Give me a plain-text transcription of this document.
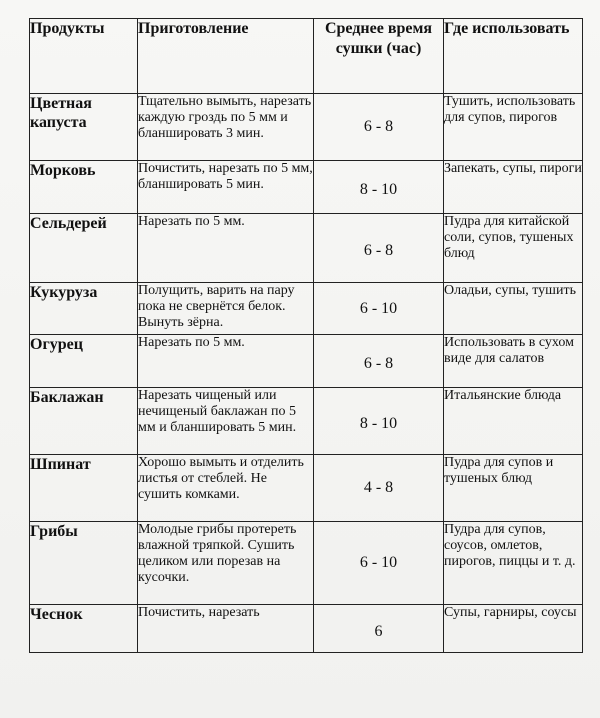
Продукты	Приготовление	Среднее время сушки (час)	Где использовать
Цветная капуста	Тщательно вымыть, нарезать каждую гроздь по 5 мм и бланшировать 3 мин.	6 - 8	Тушить, использовать для супов, пирогов
Морковь	Почистить, нарезать по 5 мм, бланшировать 5 мин.	8 - 10	Запекать, супы, пироги
Сельдерей	Нарезать по 5 мм.	6 - 8	Пудра для китайской соли, супов, тушеных блюд
Кукуруза	Полущить, варить на пару пока не свернётся белок. Вынуть зёрна.	6 - 10	Оладьи, супы, тушить
Огурец	Нарезать по 5 мм.	6 - 8	Использовать в сухом виде для салатов
Баклажан	Нарезать чищеный или нечищеный баклажан по 5 мм и бланшировать 5 мин.	8 - 10	Итальянские блюда
Шпинат	Хорошо вымыть и отделить листья от стеблей. Не сушить комками.	4 - 8	Пудра для супов и тушеных блюд
Грибы	Молодые грибы протереть влажной тряпкой. Сушить целиком или порезав на кусочки.	6 - 10	Пудра для супов, соусов, омлетов, пирогов, пиццы и т. д.
Чеснок	Почистить, нарезать	6	Супы, гарниры, соусы
